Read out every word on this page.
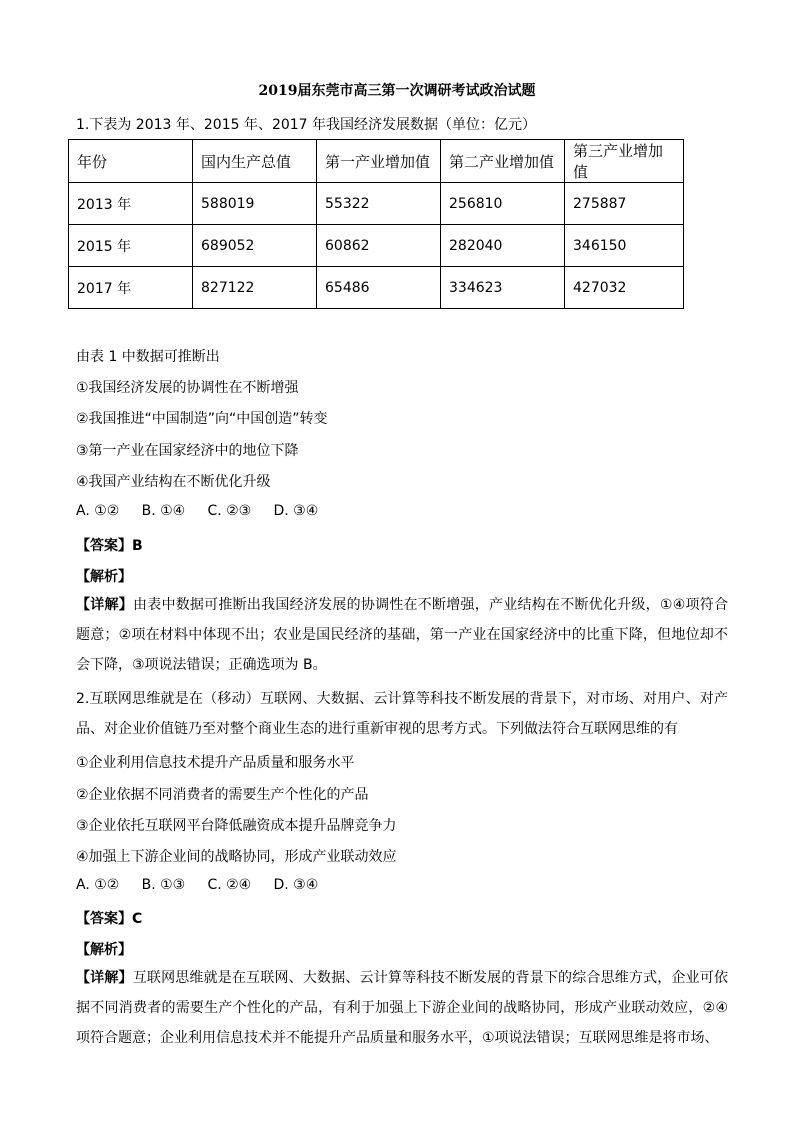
2019届东莞市高三第一次调研考试政治试题
1.下表为 2013 年、2015 年、2017 年我国经济发展数据（单位：亿元）
年份	国内生产总值	第一产业增加值	第二产业增加值	第三产业增加值
2013 年	588019	55322	256810	275887
2015 年	689052	60862	282040	346150
2017 年	827122	65486	334623	427032
由表 1 中数据可推断出
①我国经济发展的协调性在不断增强
②我国推进“中国制造”向“中国创造”转变
③第一产业在国家经济中的地位下降
④我国产业结构在不断优化升级
A. ①②     B. ①④     C. ②③     D. ③④
【答案】B
【解析】
【详解】由表中数据可推断出我国经济发展的协调性在不断增强，产业结构在不断优化升级，①④项符合题意；②项在材料中体现不出；农业是国民经济的基础，第一产业在国家经济中的比重下降，但地位却不会下降，③项说法错误；正确选项为 B。
2.互联网思维就是在（移动）互联网、大数据、云计算等科技不断发展的背景下，对市场、对用户、对产品、对企业价值链乃至对整个商业生态的进行重新审视的思考方式。下列做法符合互联网思维的有
①企业利用信息技术提升产品质量和服务水平
②企业依据不同消费者的需要生产个性化的产品
③企业依托互联网平台降低融资成本提升品牌竞争力
④加强上下游企业间的战略协同，形成产业联动效应
A. ①②     B. ①③     C. ②④     D. ③④
【答案】C
【解析】
【详解】互联网思维就是在互联网、大数据、云计算等科技不断发展的背景下的综合思维方式，企业可依据不同消费者的需要生产个性化的产品，有利于加强上下游企业间的战略协同，形成产业联动效应，②④项符合题意；企业利用信息技术并不能提升产品质量和服务水平，①项说法错误；互联网思维是将市场、
